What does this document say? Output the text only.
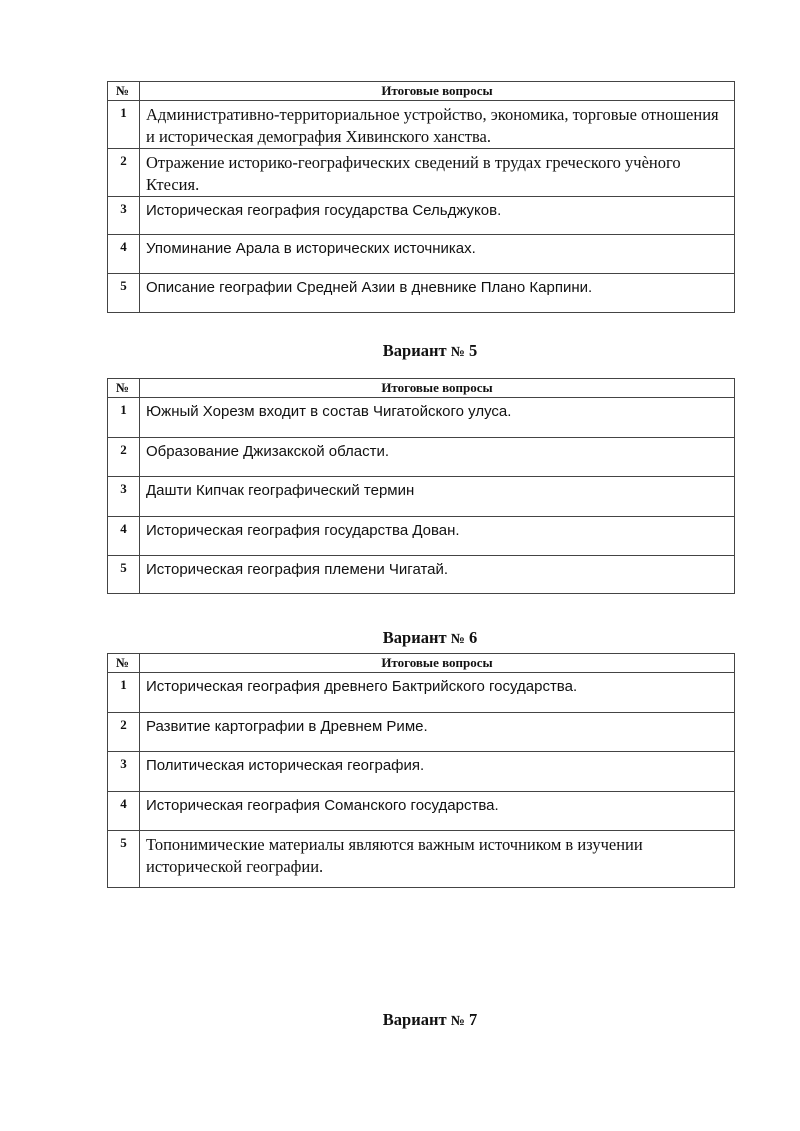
№	Итоговые вопросы
1	Административно-территориальное устройство, экономика, торговые отношения и историческая демография Хивинского ханства.
2	Отражение историко-географических сведений в трудах греческого учѐного Ктесия.
3	Историческая география государства Сельджуков.
4	Упоминание Арала в исторических источниках.
5	Описание географии Средней Азии в дневнике Плано Карпини.
Вариант № 5
№	Итоговые вопросы
1	Южный Хорезм входит в состав Чигатойского улуса.
2	Образование Джизакской области.
3	Дашти Кипчак географический термин
4	Историческая география государства Дован.
5	Историческая география племени Чигатай.
Вариант № 6
№	Итоговые вопросы
1	Историческая география древнего Бактрийского государства.
2	Развитие картографии в Древнем Риме.
3	Политическая историческая география.
4	Историческая география Соманского государства.
5	Топонимические материалы являются важным источником в изучении исторической географии.
Вариант № 7
